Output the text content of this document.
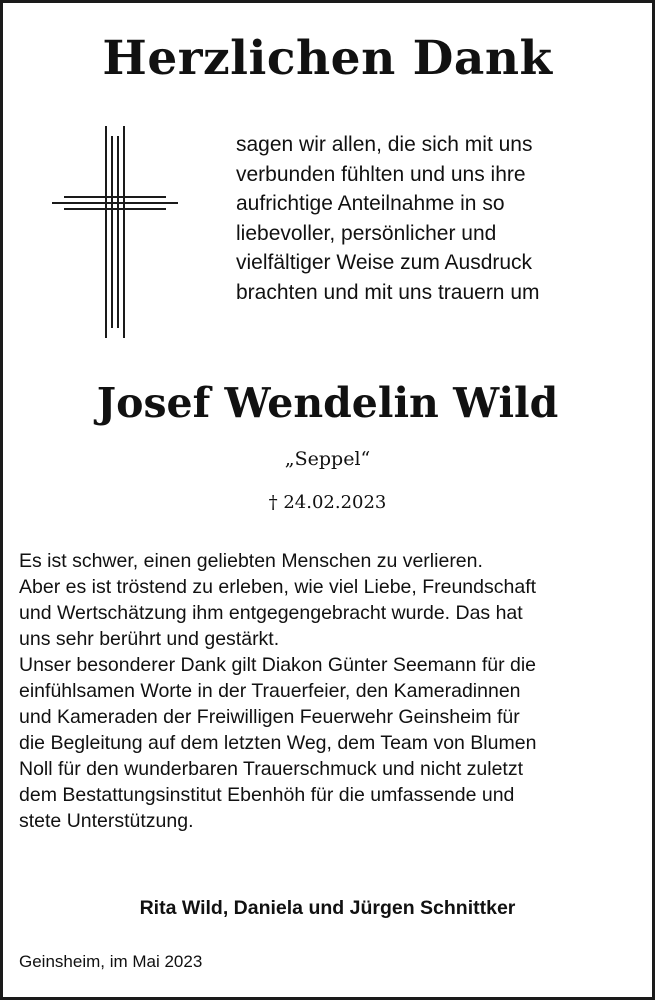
Herzlichen Dank

sagen wir allen, die sich mit uns
verbunden fühlten und uns ihre
aufrichtige Anteilnahme in so
liebevoller, persönlicher und
vielfältiger Weise zum Ausdruck
brachten und mit uns trauern um

Josef Wendelin Wild
„Seppel“
† 24.02.2023

Es ist schwer, einen geliebten Menschen zu verlieren.
Aber es ist tröstend zu erleben, wie viel Liebe, Freundschaft
und Wertschätzung ihm entgegengebracht wurde. Das hat
uns sehr berührt und gestärkt.
Unser besonderer Dank gilt Diakon Günter Seemann für die
einfühlsamen Worte in der Trauerfeier, den Kameradinnen
und Kameraden der Freiwilligen Feuerwehr Geinsheim für
die Begleitung auf dem letzten Weg, dem Team von Blumen
Noll für den wunderbaren Trauerschmuck und nicht zuletzt
dem Bestattungsinstitut Ebenhöh für die umfassende und
stete Unterstützung.

Rita Wild, Daniela und Jürgen Schnittker
Geinsheim, im Mai 2023
